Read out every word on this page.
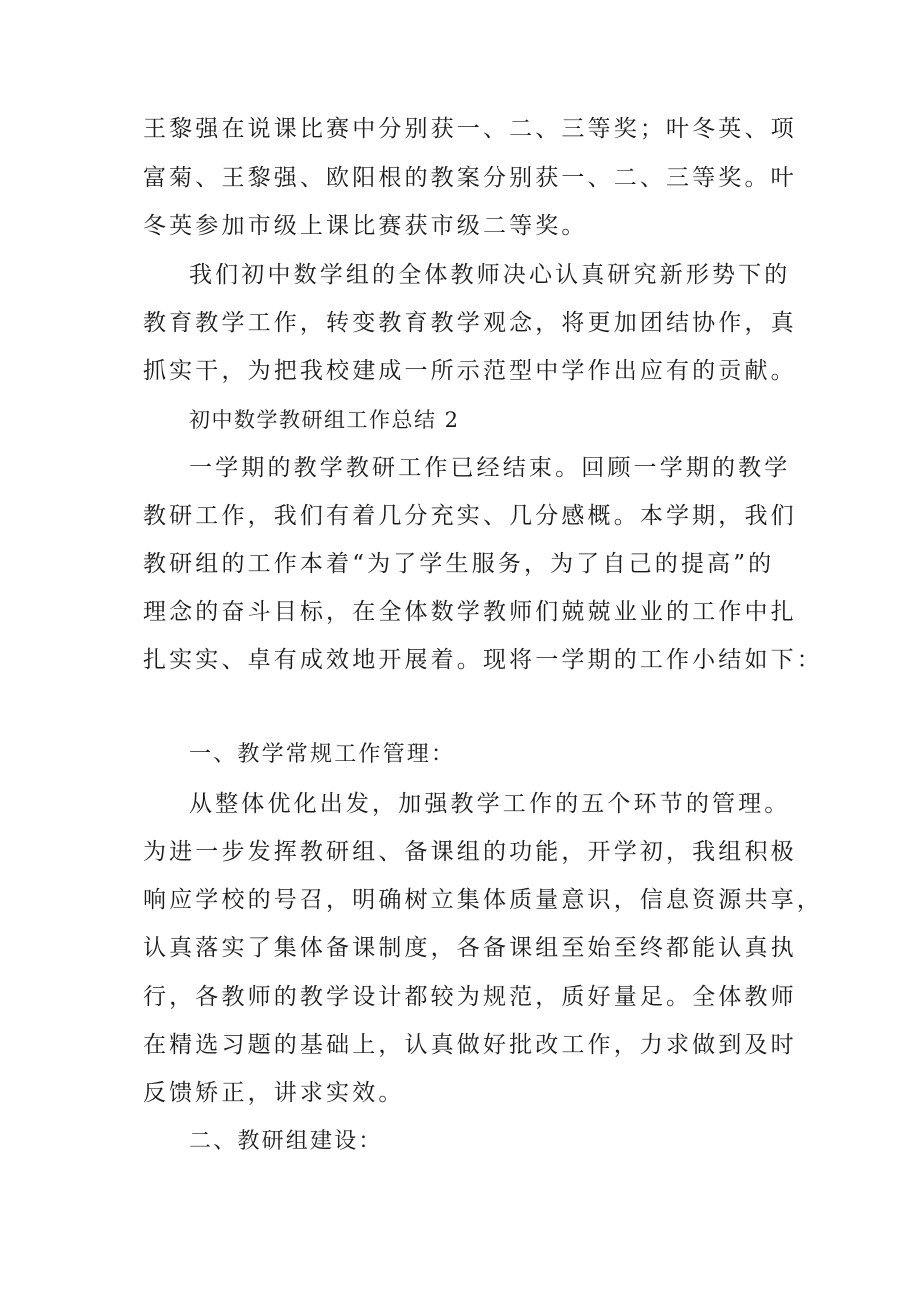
王黎强在说课比赛中分别获一、二、三等奖；叶冬英、项

富菊、王黎强、欧阳根的教案分别获一、二、三等奖。叶

冬英参加市级上课比赛获市级二等奖。

我们初中数学组的全体教师决心认真研究新形势下的

教育教学工作，转变教育教学观念，将更加团结协作，真

抓实干，为把我校建成一所示范型中学作出应有的贡献。

初中数学教研组工作总结 2

一学期的教学教研工作已经结束。回顾一学期的教学

教研工作，我们有着几分充实、几分感概。本学期，我们

教研组的工作本着“为了学生服务，为了自己的提高”的

理念的奋斗目标，在全体数学教师们兢兢业业的工作中扎

扎实实、卓有成效地开展着。现将一学期的工作小结如下：

一、教学常规工作管理：

从整体优化出发，加强教学工作的五个环节的管理。

为进一步发挥教研组、备课组的功能，开学初，我组积极

响应学校的号召，明确树立集体质量意识，信息资源共享，

认真落实了集体备课制度，各备课组至始至终都能认真执

行，各教师的教学设计都较为规范，质好量足。全体教师

在精选习题的基础上，认真做好批改工作，力求做到及时

反馈矫正，讲求实效。

二、教研组建设：
